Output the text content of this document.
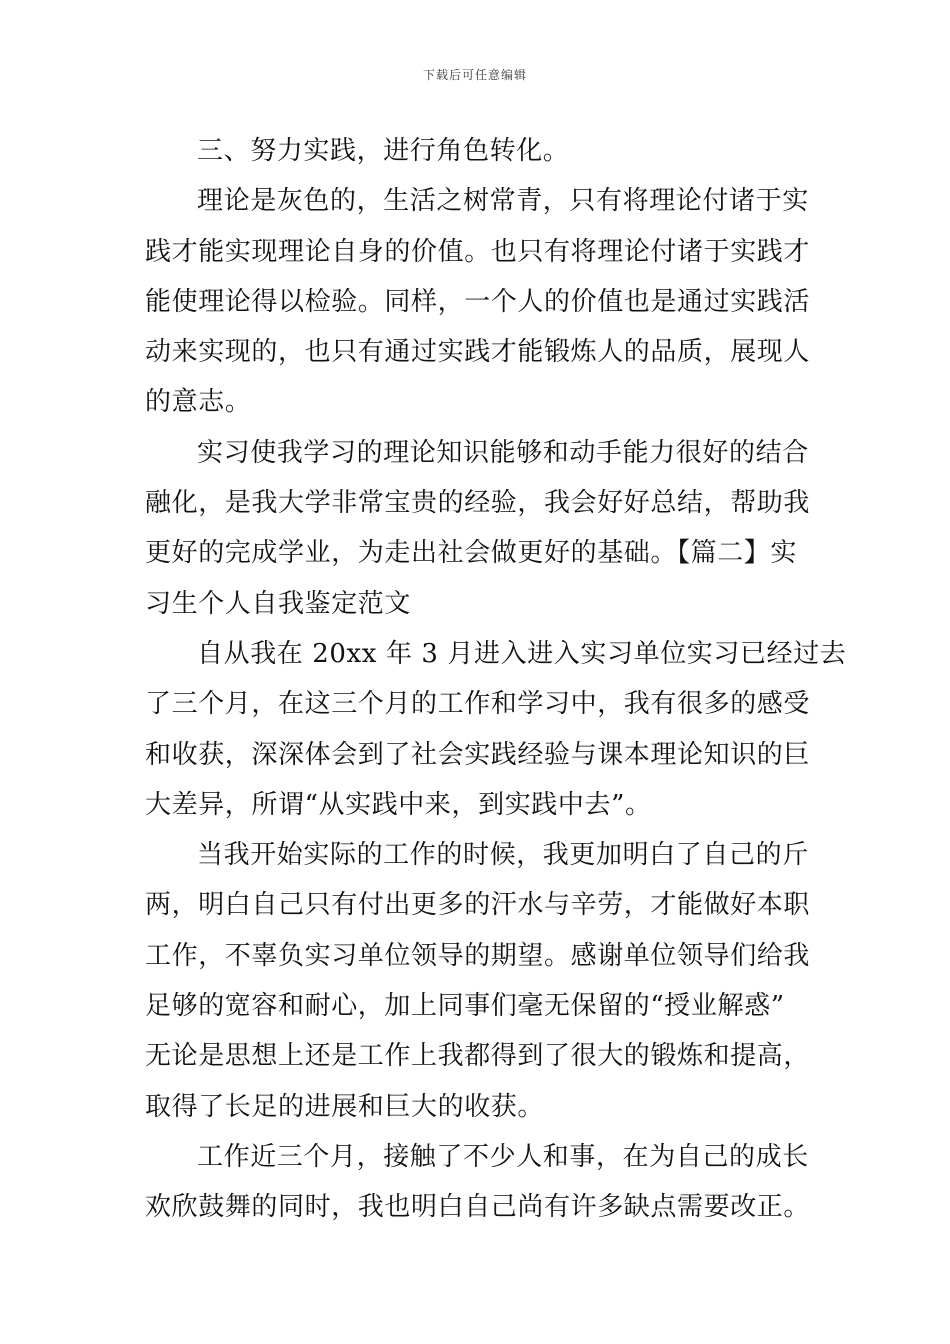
下载后可任意编辑
三、努力实践，进行角色转化。
理论是灰色的，生活之树常青，只有将理论付诸于实
践才能实现理论自身的价值。也只有将理论付诸于实践才
能使理论得以检验。同样，一个人的价值也是通过实践活
动来实现的，也只有通过实践才能锻炼人的品质，展现人
的意志。
实习使我学习的理论知识能够和动手能力很好的结合
融化，是我大学非常宝贵的经验，我会好好总结，帮助我
更好的完成学业，为走出社会做更好的基础。【篇二】实
习生个人自我鉴定范文
自从我在 20xx 年 3 月进入进入实习单位实习已经过去
了三个月，在这三个月的工作和学习中，我有很多的感受
和收获，深深体会到了社会实践经验与课本理论知识的巨
大差异，所谓“从实践中来，到实践中去”。
当我开始实际的工作的时候，我更加明白了自己的斤
两，明白自己只有付出更多的汗水与辛劳，才能做好本职
工作，不辜负实习单位领导的期望。感谢单位领导们给我
足够的宽容和耐心，加上同事们毫无保留的“授业解惑”
无论是思想上还是工作上我都得到了很大的锻炼和提高，
取得了长足的进展和巨大的收获。
工作近三个月，接触了不少人和事，在为自己的成长
欢欣鼓舞的同时，我也明白自己尚有许多缺点需要改正。
